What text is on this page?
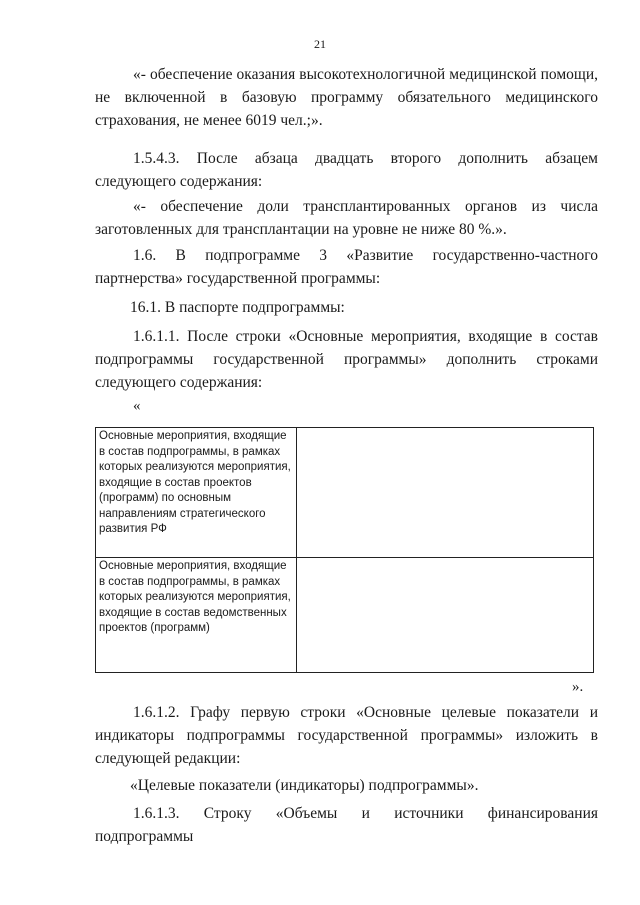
21

«- обеспечение оказания высокотехнологичной медицинской помощи, не включенной в базовую программу обязательного медицинского страхования, не менее 6019 чел.;».

1.5.4.3. После абзаца двадцать второго дополнить абзацем следующего содержания:

«- обеспечение доли трансплантированных органов из числа заготовленных для трансплантации на уровне не ниже 80 %.».

1.6. В подпрограмме 3 «Развитие государственно-частного партнерства» государственной программы:

16.1. В паспорте подпрограммы:

1.6.1.1. После строки «Основные мероприятия, входящие в состав подпрограммы государственной программы» дополнить строками следующего содержания:

«

Основные мероприятия, входящие в состав подпрограммы, в рамках которых реализуются мероприятия, входящие в состав проектов (программ) по основным направлениям стратегического развития РФ	
Основные мероприятия, входящие в состав подпрограммы, в рамках которых реализуются мероприятия, входящие в состав ведомственных проектов (программ)	

».

1.6.1.2. Графу первую строки «Основные целевые показатели и индикаторы подпрограммы государственной программы» изложить в следующей редакции:

«Целевые показатели (индикаторы) подпрограммы».

1.6.1.3. Строку «Объемы и источники финансирования подпрограммы
